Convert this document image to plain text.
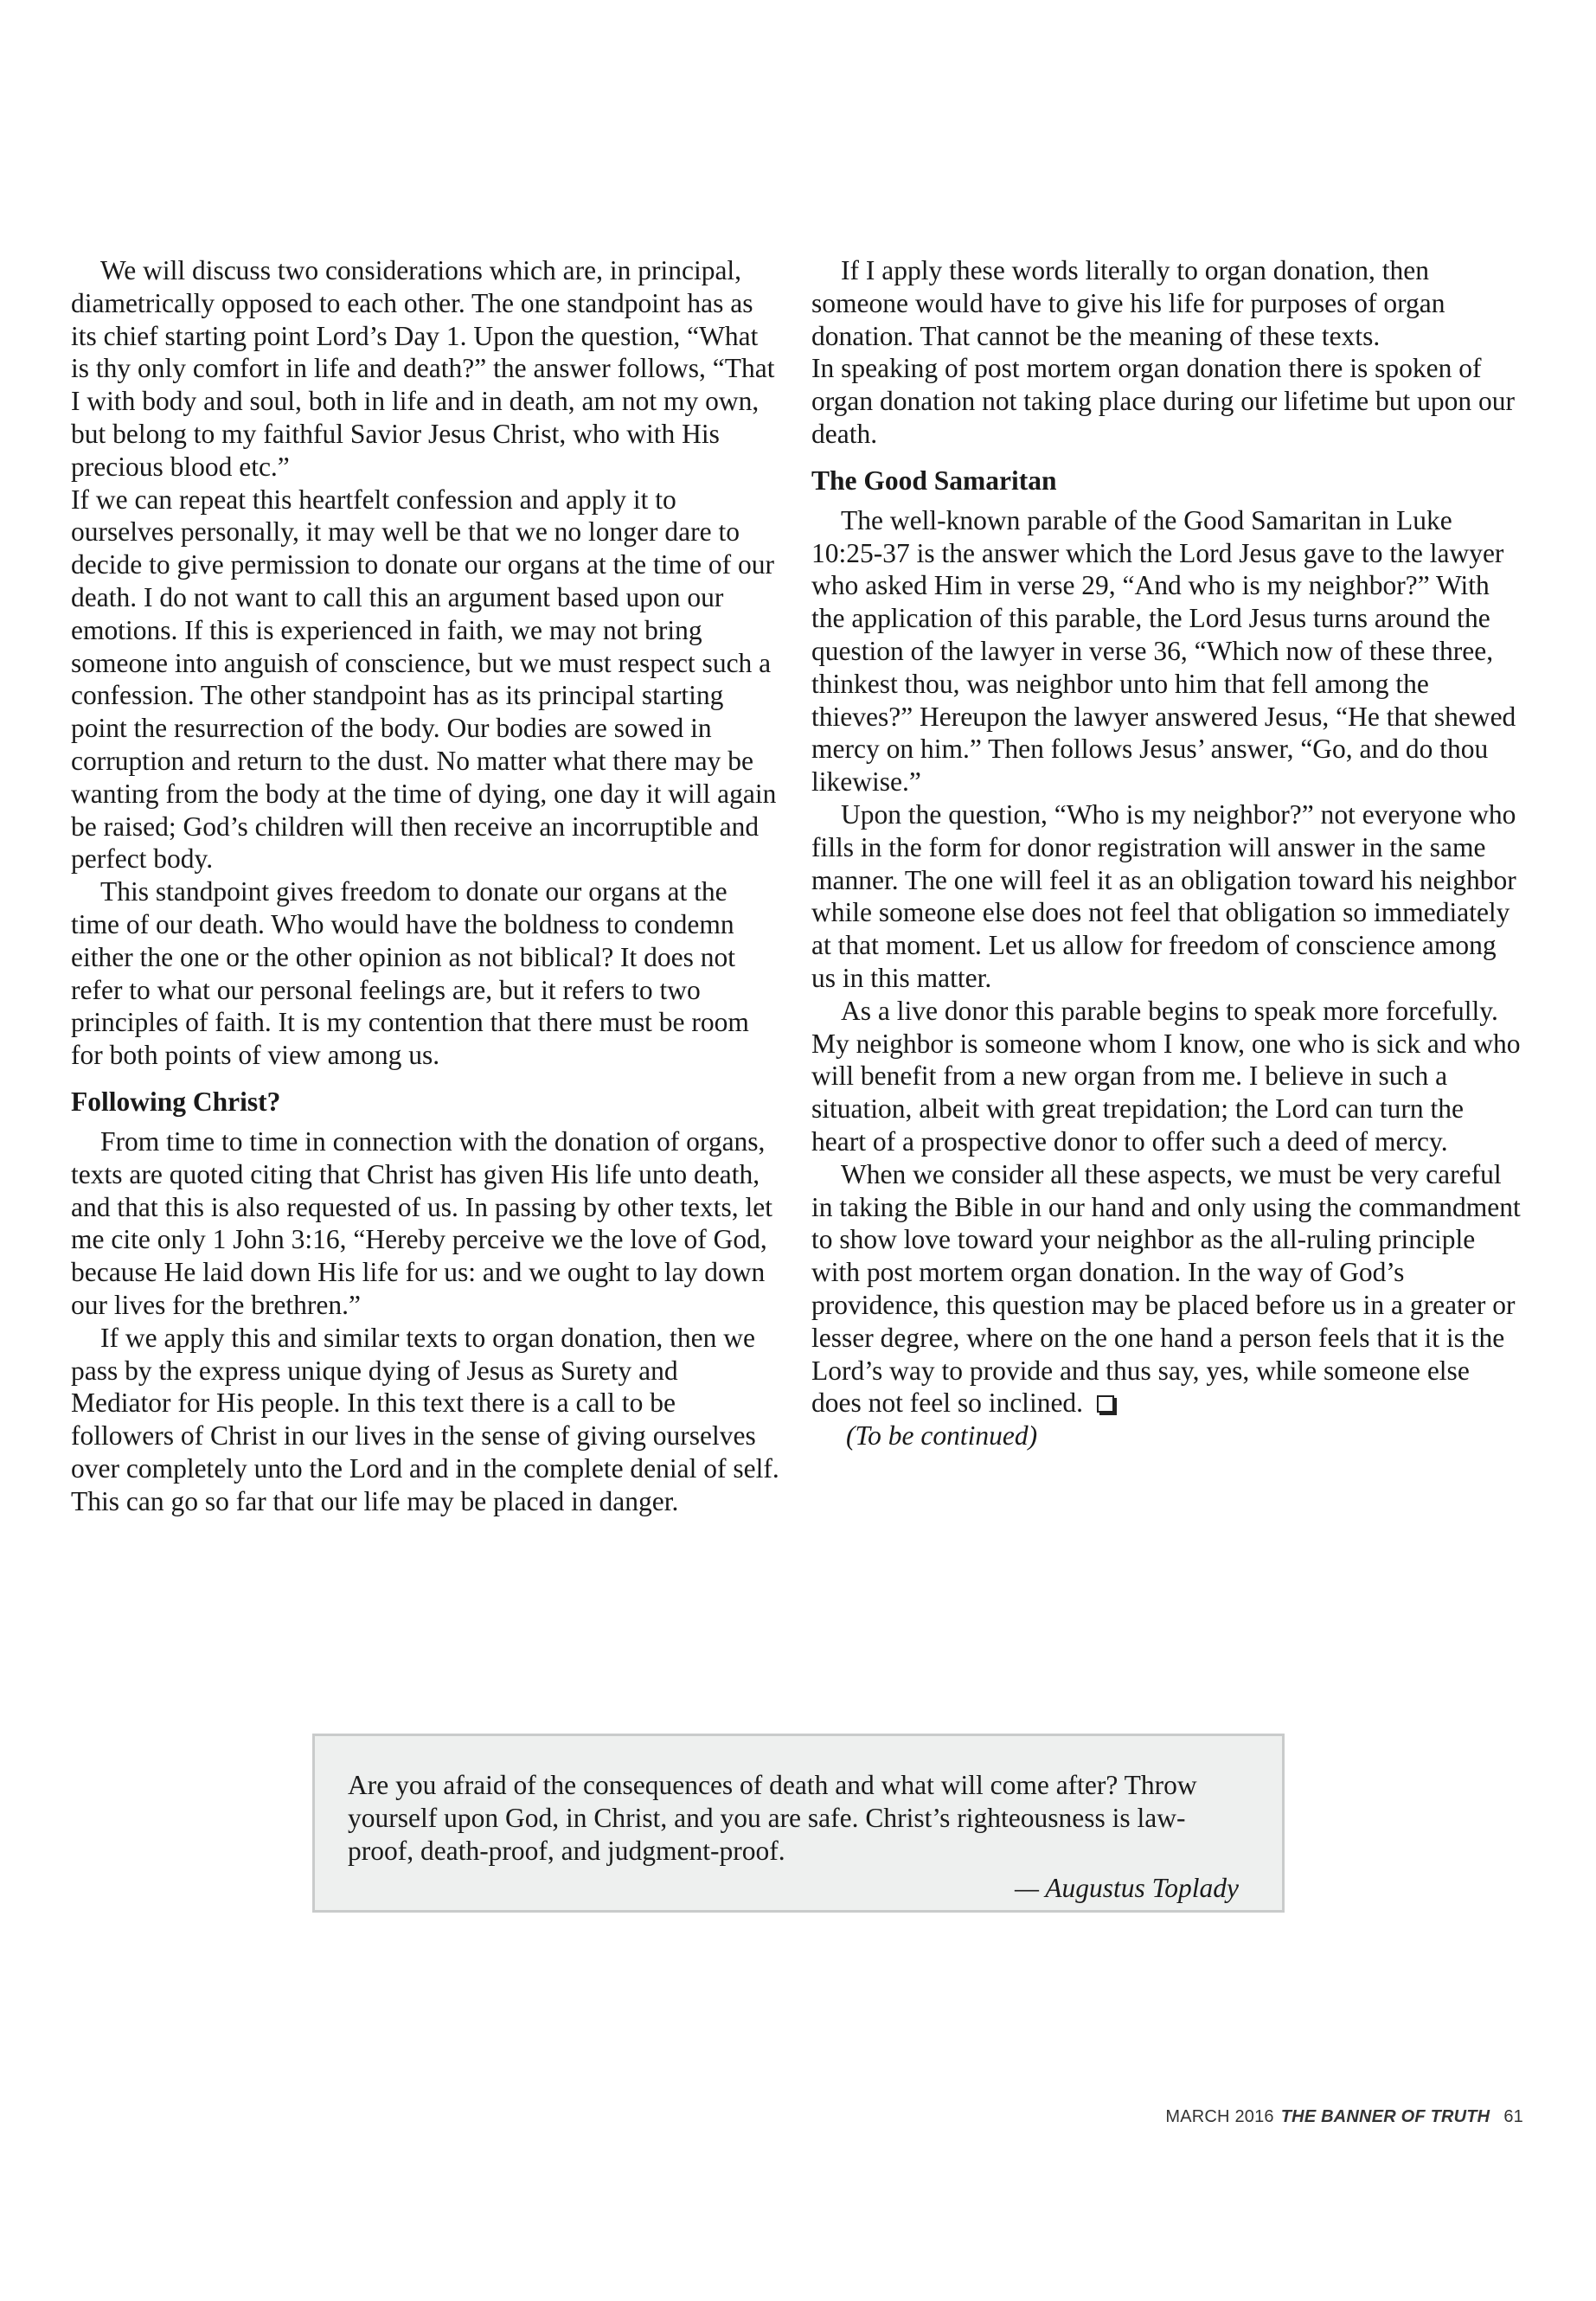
We will discuss two considerations which are, in principal, diametrically opposed to each other. The one standpoint has as its chief starting point Lord’s Day 1. Upon the question, “What is thy only comfort in life and death?” the answer follows, “That I with body and soul, both in life and in death, am not my own, but belong to my faithful Savior Jesus Christ, who with His precious blood etc.”

If we can repeat this heartfelt confession and apply it to ourselves personally, it may well be that we no longer dare to decide to give permission to donate our organs at the time of our death. I do not want to call this an argument based upon our emotions. If this is experienced in faith, we may not bring someone into anguish of conscience, but we must respect such a confession. The other standpoint has as its principal starting point the resurrection of the body. Our bodies are sowed in corruption and return to the dust. No matter what there may be wanting from the body at the time of dying, one day it will again be raised; God’s children will then receive an incorruptible and perfect body.

This standpoint gives freedom to donate our organs at the time of our death. Who would have the boldness to condemn either the one or the other opinion as not biblical? It does not refer to what our personal feelings are, but it refers to two principles of faith. It is my contention that there must be room for both points of view among us.

Following Christ?

From time to time in connection with the donation of organs, texts are quoted citing that Christ has given His life unto death, and that this is also requested of us. In passing by other texts, let me cite only 1 John 3:16, “Hereby perceive we the love of God, because He laid down His life for us: and we ought to lay down our lives for the brethren.”

If we apply this and similar texts to organ donation, then we pass by the express unique dying of Jesus as Surety and Mediator for His people. In this text there is a call to be followers of Christ in our lives in the sense of giving ourselves over completely unto the Lord and in the complete denial of self. This can go so far that our life may be placed in danger.

If I apply these words literally to organ donation, then someone would have to give his life for purposes of organ donation. That cannot be the meaning of these texts.

In speaking of post mortem organ donation there is spoken of organ donation not taking place during our lifetime but upon our death.

The Good Samaritan

The well-known parable of the Good Samaritan in Luke 10:25-37 is the answer which the Lord Jesus gave to the lawyer who asked Him in verse 29, “And who is my neighbor?” With the application of this parable, the Lord Jesus turns around the question of the lawyer in verse 36, “Which now of these three, thinkest thou, was neighbor unto him that fell among the thieves?” Hereupon the lawyer answered Jesus, “He that shewed mercy on him.” Then follows Jesus’ answer, “Go, and do thou likewise.”

Upon the question, “Who is my neighbor?” not everyone who fills in the form for donor registration will answer in the same manner. The one will feel it as an obligation toward his neighbor while someone else does not feel that obligation so immediately at that moment. Let us allow for freedom of conscience among us in this matter.

As a live donor this parable begins to speak more forcefully. My neighbor is someone whom I know, one who is sick and who will benefit from a new organ from me. I believe in such a situation, albeit with great trepidation; the Lord can turn the heart of a prospective donor to offer such a deed of mercy.

When we consider all these aspects, we must be very careful in taking the Bible in our hand and only using the commandment to show love toward your neighbor as the all-ruling principle with post mortem organ donation. In the way of God’s providence, this question may be placed before us in a greater or lesser degree, where on the one hand a person feels that it is the Lord’s way to provide and thus say, yes, while someone else does not feel so inclined.

(To be continued)

Are you afraid of the consequences of death and what will come after? Throw yourself upon God, in Christ, and you are safe. Christ’s righteousness is law-proof, death-proof, and judgment-proof.

— Augustus Toplady
MARCH 2016 THE BANNER OF TRUTH 61
